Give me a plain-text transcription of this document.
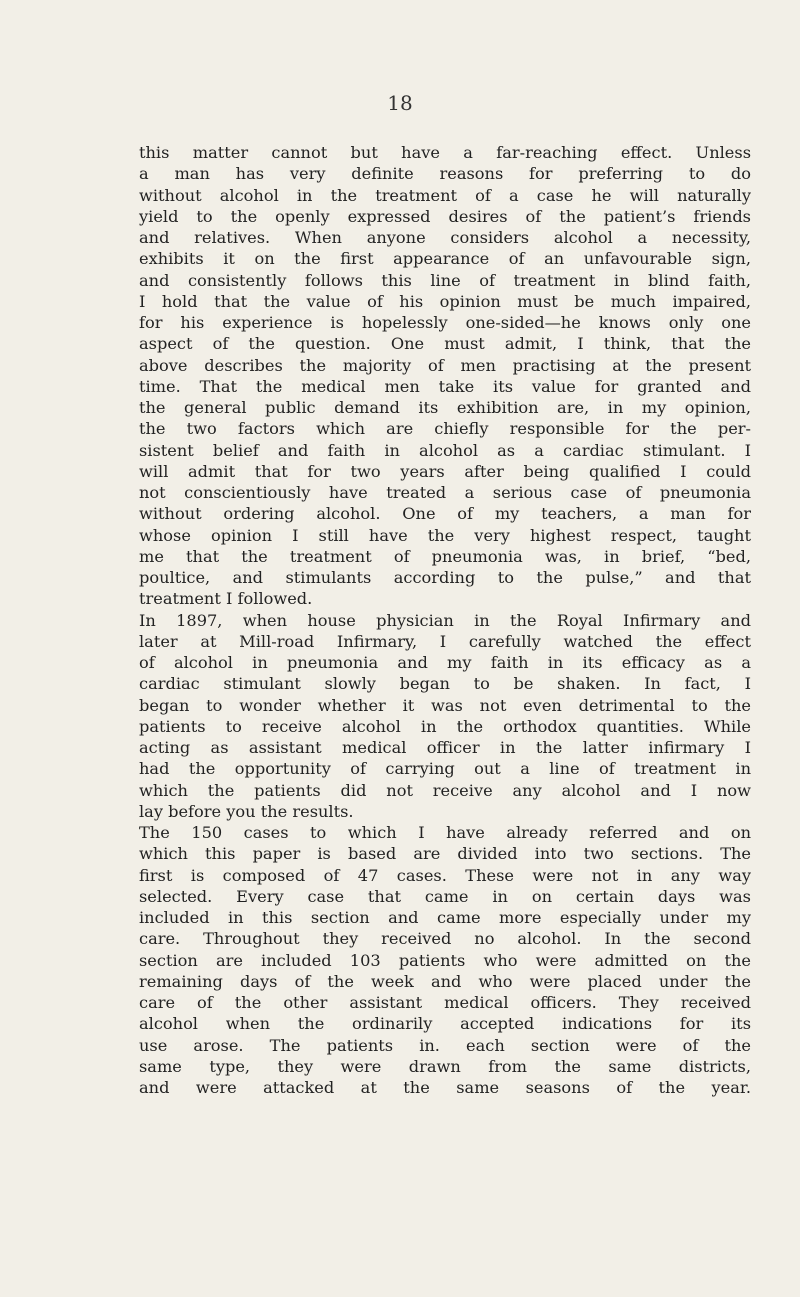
18
this matter cannot but have a far-reaching effect. Unless
a man has very definite reasons for preferring to do
without alcohol in the treatment of a case he will naturally
yield to the openly expressed desires of the patient’s friends
and relatives. When anyone considers alcohol a necessity,
exhibits it on the first appearance of an unfavourable sign,
and consistently follows this line of treatment in blind faith,
I hold that the value of his opinion must be much impaired,
for his experience is hopelessly one-sided—he knows only one
aspect of the question. One must admit, I think, that the
above describes the majority of men practising at the present
time. That the medical men take its value for granted and
the general public demand its exhibition are, in my opinion,
the two factors which are chiefly responsible for the per-
sistent belief and faith in alcohol as a cardiac stimulant. I
will admit that for two years after being qualified I could
not conscientiously have treated a serious case of pneumonia
without ordering alcohol. One of my teachers, a man for
whose opinion I still have the very highest respect, taught
me that the treatment of pneumonia was, in brief, “bed,
poultice, and stimulants according to the pulse,” and that
treatment I followed.
In 1897, when house physician in the Royal Infirmary and
later at Mill-road Infirmary, I carefully watched the effect
of alcohol in pneumonia and my faith in its efficacy as a
cardiac stimulant slowly began to be shaken. In fact, I
began to wonder whether it was not even detrimental to the
patients to receive alcohol in the orthodox quantities. While
acting as assistant medical officer in the latter infirmary I
had the opportunity of carrying out a line of treatment in
which the patients did not receive any alcohol and I now
lay before you the results.
The 150 cases to which I have already referred and on
which this paper is based are divided into two sections. The
first is composed of 47 cases. These were not in any way
selected. Every case that came in on certain days was
included in this section and came more especially under my
care. Throughout they received no alcohol. In the second
section are included 103 patients who were admitted on the
remaining days of the week and who were placed under the
care of the other assistant medical officers. They received
alcohol when the ordinarily accepted indications for its
use arose. The patients in. each section were of the
same type, they were drawn from the same districts,
and were attacked at the same seasons of the year.
